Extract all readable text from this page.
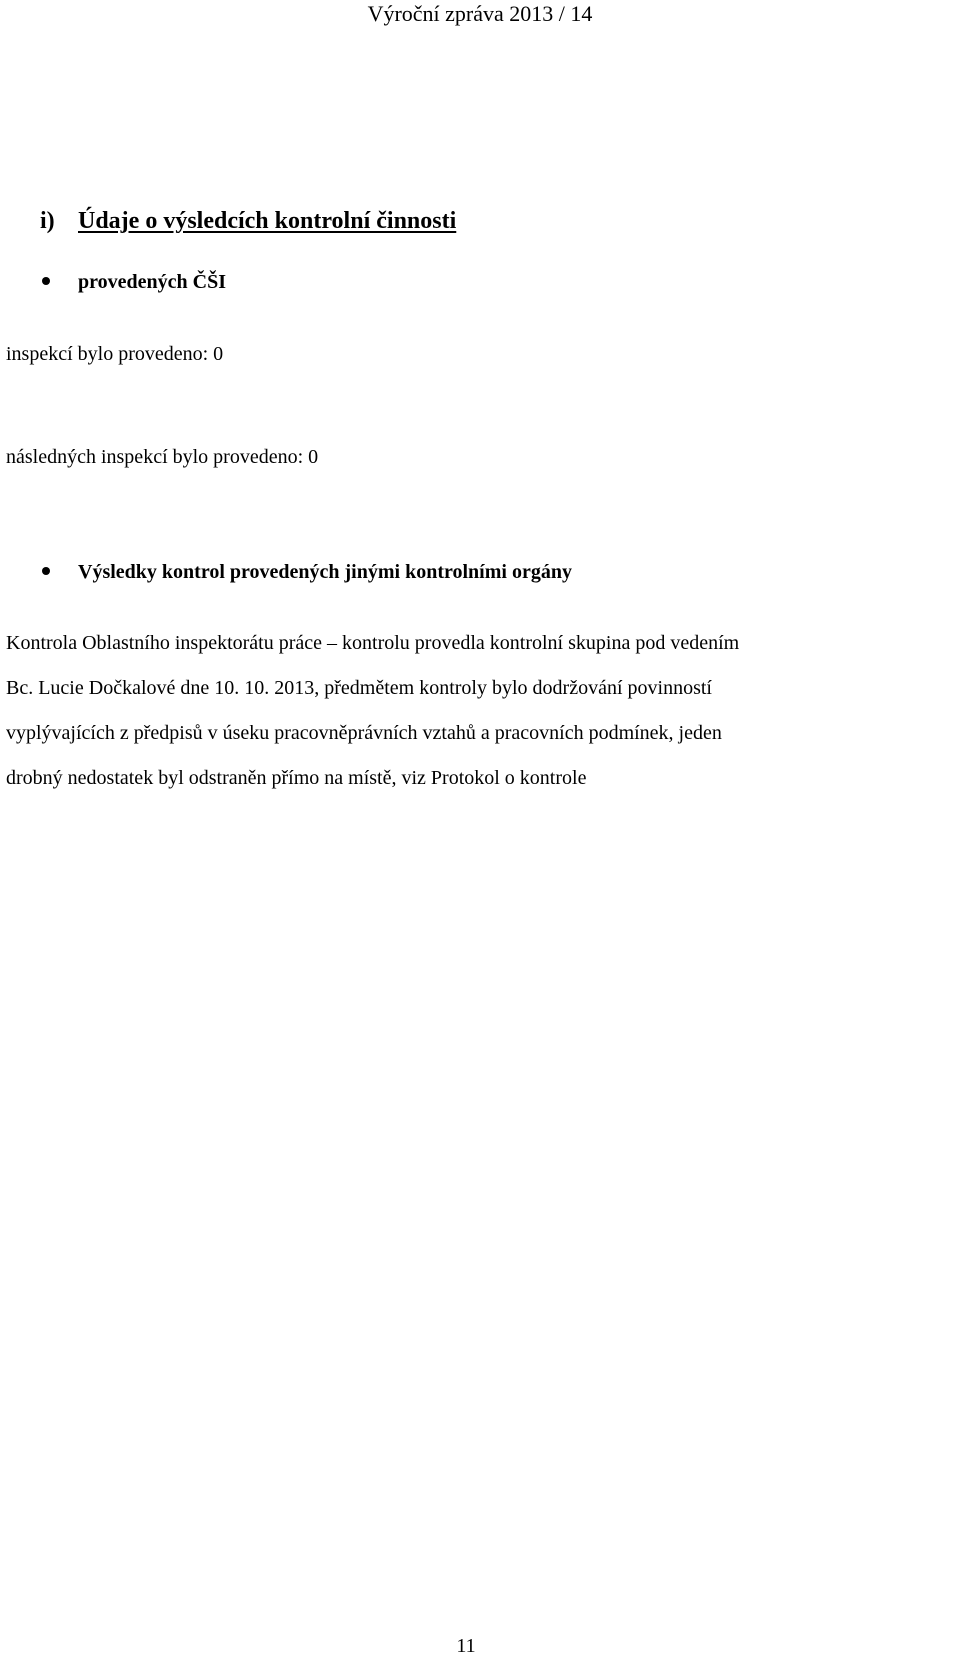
Výroční zpráva 2013 / 14
i) Údaje o výsledcích kontrolní činnosti
provedených ČŠI
inspekcí bylo provedeno: 0
následných inspekcí bylo provedeno: 0
Výsledky kontrol provedených jinými kontrolními orgány
Kontrola Oblastního inspektorátu práce – kontrolu provedla kontrolní skupina pod vedením
Bc. Lucie Dočkalové dne 10. 10. 2013, předmětem kontroly bylo dodržování povinností
vyplývajících z předpisů v úseku pracovněprávních vztahů a pracovních podmínek, jeden
drobný nedostatek byl odstraněn přímo na místě, viz Protokol o kontrole
11
